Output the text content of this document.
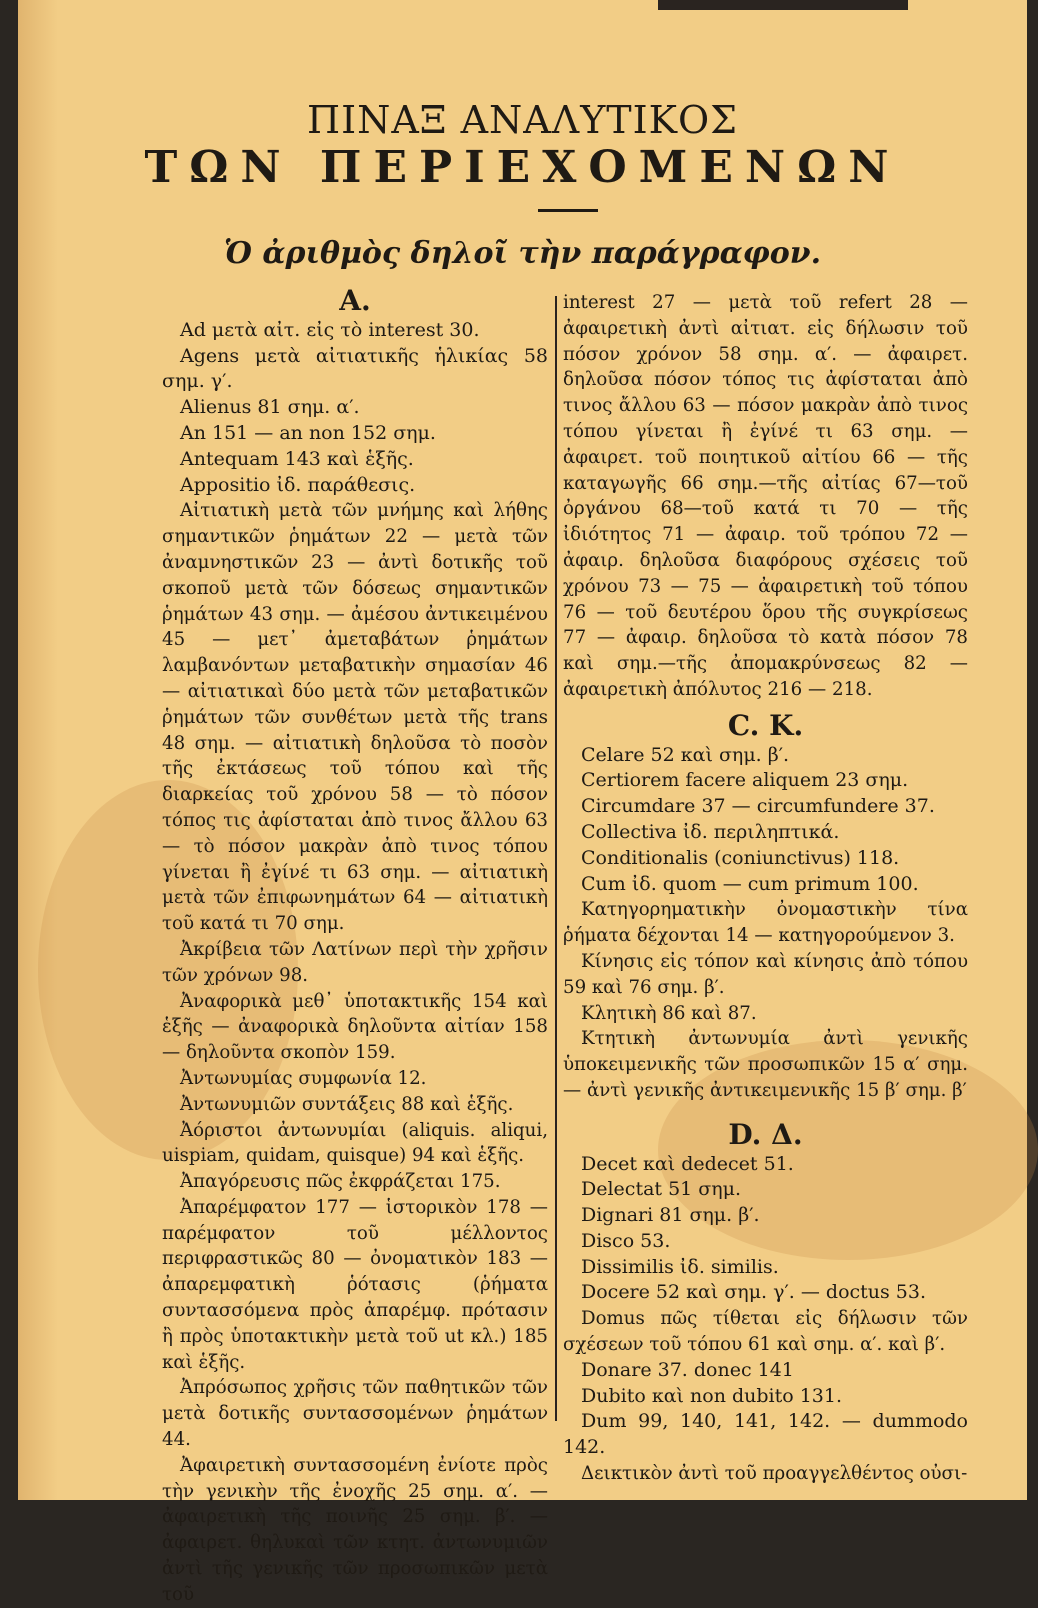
ΠΙΝΑΞ ΑΝΑΛΥΤΙΚΟΣ
ΤΩΝ ΠΕΡΙΕΧΟΜΕΝΩΝ
Ὁ ἀριθμὸς δηλοῖ τὴν παράγραφον.
A.
Ad μετὰ αἰτ. εἰς τὸ interest 30.
Agens μετὰ αἰτιατικῆς ἡλικίας 58 σημ. γ′.
Alienus 81 σημ. α′.
An 151 — an non 152 σημ.
Antequam 143 καὶ ἑξῆς.
Appositio ἰδ. παράθεσις.
Αἰτιατικὴ μετὰ τῶν μνήμης καὶ λήθης σημαντικῶν ῥημάτων 22 — μετὰ τῶν ἀναμνηστικῶν 23 — ἀντὶ δοτικῆς τοῦ σκοποῦ μετὰ τῶν δόσεως σημαντικῶν ῥημάτων 43 σημ. — ἀμέσου ἀντικειμένου 45 — μετ᾽ ἀμεταβάτων ῥημάτων λαμβανόντων μεταβατικὴν σημασίαν 46 — αἰτιατικαὶ δύο μετὰ τῶν μεταβατικῶν ῥημάτων τῶν συνθέτων μετὰ τῆς trans 48 σημ. — αἰτιατικὴ δηλοῦσα τὸ ποσὸν τῆς ἐκτάσεως τοῦ τόπου καὶ τῆς διαρκείας τοῦ χρόνου 58 — τὸ πόσον τόπος τις ἀφίσταται ἀπὸ τινος ἄλλου 63 — τὸ πόσον μακρὰν ἀπὸ τινος τόπου γίνεται ἢ ἐγίνέ τι 63 σημ. — αἰτιατικὴ μετὰ τῶν ἐπιφωνημάτων 64 — αἰτιατικὴ τοῦ κατά τι 70 σημ.
Ἀκρίβεια τῶν Λατίνων περὶ τὴν χρῆσιν τῶν χρόνων 98.
Ἀναφορικὰ μεθ᾽ ὑποτακτικῆς 154 καὶ ἑξῆς — ἀναφορικὰ δηλοῦντα αἰτίαν 158 — δηλοῦντα σκοπὸν 159.
Ἀντωνυμίας συμφωνία 12.
Ἀντωνυμιῶν συντάξεις 88 καὶ ἑξῆς.
Ἀόριστοι ἀντωνυμίαι (aliquis. aliqui, uispiam, quidam, quisque) 94 καὶ ἑξῆς.
Ἀπαγόρευσις πῶς ἐκφράζεται 175.
Ἀπαρέμφατον 177 — ἱστορικὸν 178 — παρέμφατον τοῦ μέλλοντος περιφραστικῶς 80 — ὀνοματικὸν 183 — ἀπαρεμφατικὴ ῥότασις (ῥήματα συντασσόμενα πρὸς ἀπαρέμφ. πρότασιν ἢ πρὸς ὑποτακτικὴν μετὰ τοῦ ut κλ.) 185 καὶ ἑξῆς.
Ἀπρόσωπος χρῆσις τῶν παθητικῶν τῶν μετὰ δοτικῆς συντασσομένων ῥημάτων 44.
Ἀφαιρετικὴ συντασσομένη ἐνίοτε πρὸς τὴν γενικὴν τῆς ἐνοχῆς 25 σημ. α′. — ἀφαιρετικὴ τῆς ποινῆς 25 σημ. β′. — ἀφαιρετ. θηλυκαὶ τῶν κτητ. ἀντωνυμιῶν ἀντὶ τῆς γενικῆς τῶν προσωπικῶν μετὰ τοῦ
interest 27 — μετὰ τοῦ refert 28 — ἀφαιρετικὴ ἀντὶ αἰτιατ. εἰς δήλωσιν τοῦ πόσον χρόνον 58 σημ. α′. — ἀφαιρετ. δηλοῦσα πόσον τόπος τις ἀφίσταται ἀπὸ τινος ἄλλου 63 — πόσον μακρὰν ἀπὸ τινος τόπου γίνεται ἢ ἐγίνέ τι 63 σημ. — ἀφαιρετ. τοῦ ποιητικοῦ αἰτίου 66 — τῆς καταγωγῆς 66 σημ.—τῆς αἰτίας 67—τοῦ ὀργάνου 68—τοῦ κατά τι 70 — τῆς ἰδιότητος 71 — ἀφαιρ. τοῦ τρόπου 72 — ἀφαιρ. δηλοῦσα διαφόρους σχέσεις τοῦ χρόνου 73 — 75 — ἀφαιρετικὴ τοῦ τόπου 76 — τοῦ δευτέρου ὅρου τῆς συγκρίσεως 77 — ἀφαιρ. δηλοῦσα τὸ κατὰ πόσον 78 καὶ σημ.—τῆς ἀπομακρύνσεως 82 — ἀφαιρετικὴ ἀπόλυτος 216 — 218.
C. K.
Celare 52 καὶ σημ. β′.
Certiorem facere aliquem 23 σημ.
Circumdare 37 — circumfundere 37.
Collectiva ἰδ. περιληπτικά.
Conditionalis (coniunctivus) 118.
Cum ἰδ. quom — cum primum 100.
Κατηγορηματικὴν ὀνομαστικὴν τίνα ῥήματα δέχονται 14 — κατηγορούμενον 3.
Κίνησις εἰς τόπον καὶ κίνησις ἀπὸ τόπου 59 καὶ 76 σημ. β′.
Κλητικὴ 86 καὶ 87.
Κτητικὴ ἀντωνυμία ἀντὶ γενικῆς ὑποκειμενικῆς τῶν προσωπικῶν 15 α′ σημ. — ἀντὶ γενικῆς ἀντικειμενικῆς 15 β′ σημ. β′
D. Δ.
Decet καὶ dedecet 51.
Delectat 51 σημ.
Dignari 81 σημ. β′.
Disco 53.
Dissimilis ἰδ. similis.
Docere 52 καὶ σημ. γ′. — doctus 53.
Domus πῶς τίθεται εἰς δήλωσιν τῶν σχέσεων τοῦ τόπου 61 καὶ σημ. α′. καὶ β′.
Donare 37. donec 141
Dubito καὶ non dubito 131.
Dum 99, 140, 141, 142. — dummodo 142.
Δεικτικὸν ἀντὶ τοῦ προαγγελθέντος οὐσι-
